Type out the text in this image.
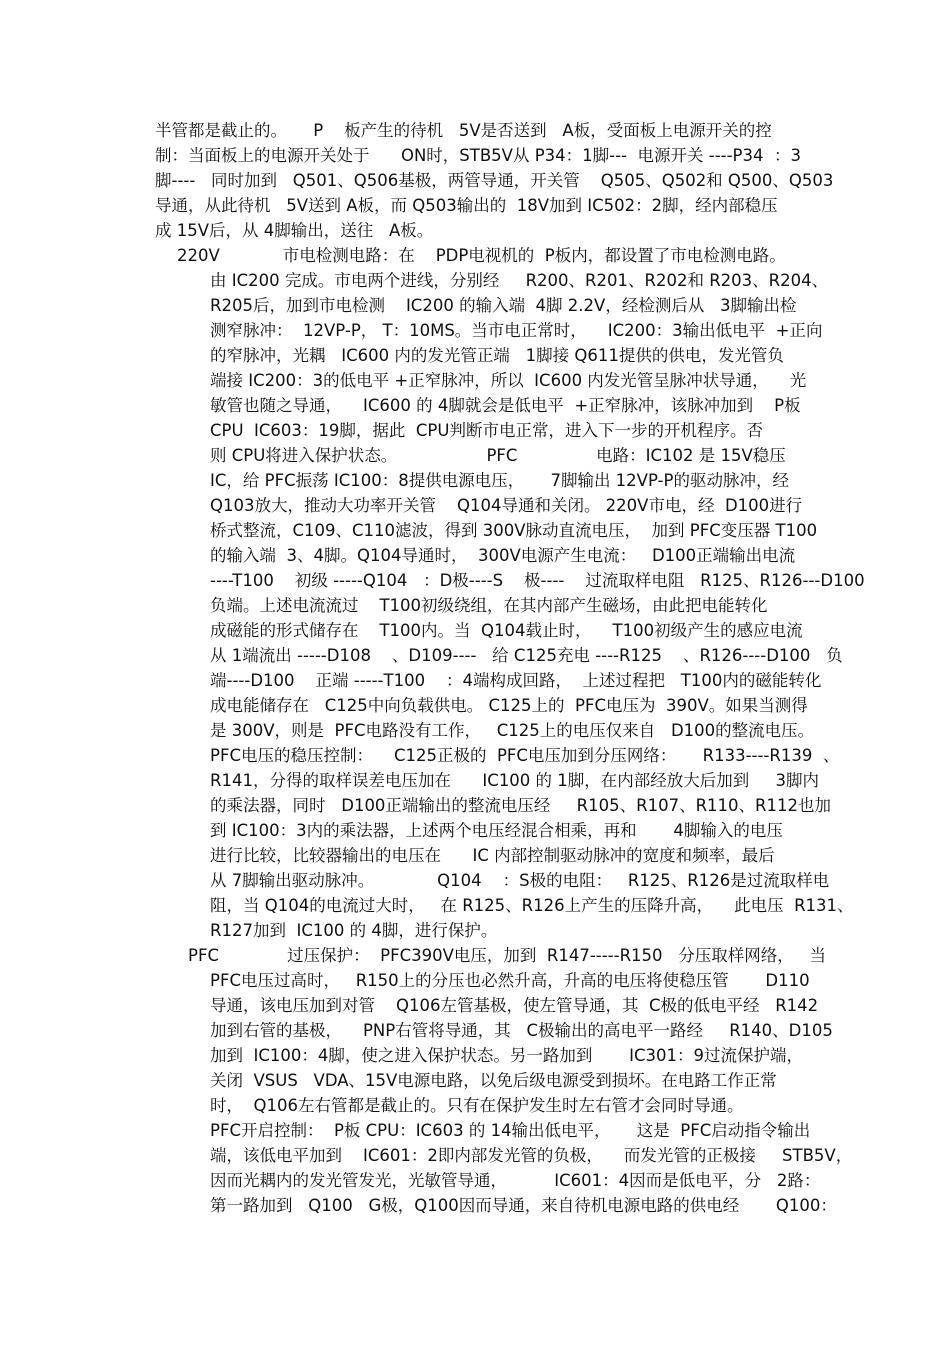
半管都是截止的。     P    板产生的待机   5V是否送到   A板，受面板上电源开关的控
制：当面板上的电源开关处于      ON时，STB5V从 P34：1脚---  电源开关 ----P34  ：3
脚----   同时加到   Q501、Q506基极，两管导通，开关管    Q505、Q502和 Q500、Q503
导通，从此待机   5V送到 A板，而 Q503输出的  18V加到 IC502：2脚，经内部稳压
成 15V后，从 4脚输出，送往   A板。
220V            市电检测电路：在    PDP电视机的  P板内，都设置了市电检测电路。
由 IC200 完成。市电两个进线，分别经     R200、R201、R202和 R203、R204、
R205后，加到市电检测    IC200 的输入端  4脚 2.2V，经检测后从   3脚输出检
测窄脉冲：  12VP-P， T：10MS。当市电正常时，    IC200：3输出低电平  +正向
的窄脉冲，光耦   IC600 内的发光管正端   1脚接 Q611提供的供电，发光管负
端接 IC200：3的低电平 +正窄脉冲，所以  IC600 内发光管呈脉冲状导通，    光
敏管也随之导通，    IC600 的 4脚就会是低电平  +正窄脉冲，该脉冲加到    P板
CPU  IC603：19脚，据此  CPU判断市电正常，进入下一步的开机程序。否
则 CPU将进入保护状态。                 PFC               电路：IC102 是 15V稳压
IC，给 PFC振荡 IC100：8提供电源电压，     7脚输出 12VP-P的驱动脉冲，经
Q103放大，推动大功率开关管    Q104导通和关闭。 220V市电，经  D100进行
桥式整流，C109、C110滤波，得到 300V脉动直流电压，  加到 PFC变压器 T100
的输入端  3、4脚。Q104导通时，  300V电源产生电流：   D100正端输出电流
----T100    初级 -----Q104   ：D极----S    极----    过流取样电阻   R125、R126---D100
负端。上述电流流过    T100初级绕组，在其内部产生磁场，由此把电能转化
成磁能的形式储存在    T100内。当  Q104载止时，    T100初级产生的感应电流
从 1端流出 -----D108    、D109----   给 C125充电 ----R125    、R126----D100   负
端----D100    正端 -----T100    ：4端构成回路，  上述过程把   T100内的磁能转化
成电能储存在   C125中向负载供电。 C125上的  PFC电压为  390V。如果当测得
是 300V，则是  PFC电路没有工作，   C125上的电压仅来自   D100的整流电压。
PFC电压的稳压控制：    C125正极的  PFC电压加到分压网络：     R133----R139  、
R141，分得的取样误差电压加在      IC100 的 1脚，在内部经放大后加到     3脚内
的乘法器，同时   D100正端输出的整流电压经     R105、R107、R110、R112也加
到 IC100：3内的乘法器，上述两个电压经混合相乘，再和       4脚输入的电压
进行比较，比较器输出的电压在      IC 内部控制驱动脉冲的宽度和频率，最后
从 7脚输出驱动脉冲。            Q104    ：S极的电阻：   R125、R126是过流取样电
阻，当 Q104的电流过大时，   在 R125、R126上产生的压降升高，    此电压  R131、
R127加到  IC100 的 4脚，进行保护。
PFC             过压保护：  PFC390V电压，加到  R147-----R150   分压取样网络，   当
PFC电压过高时，   R150上的分压也必然升高，升高的电压将使稳压管       D110
导通，该电压加到对管    Q106左管基极，使左管导通，其  C极的低电平经   R142
加到右管的基极，    PNP右管将导通，其   C极输出的高电平一路经     R140、D105
加到  IC100：4脚，使之进入保护状态。另一路加到       IC301：9过流保护端，
关闭  VSUS   VDA、15V电源电路，以免后级电源受到损坏。在电路工作正常
时，  Q106左右管都是截止的。只有在保护发生时左右管才会同时导通。
PFC开启控制：  P板 CPU：IC603 的 14输出低电平，     这是  PFC启动指令输出
端，该低电平加到    IC601：2即内部发光管的负极，    而发光管的正极接     STB5V，
因而光耦内的发光管发光，光敏管导通，         IC601：4因而是低电平，分   2路：
第一路加到   Q100   G极，Q100因而导通，来自待机电源电路的供电经       Q100：
